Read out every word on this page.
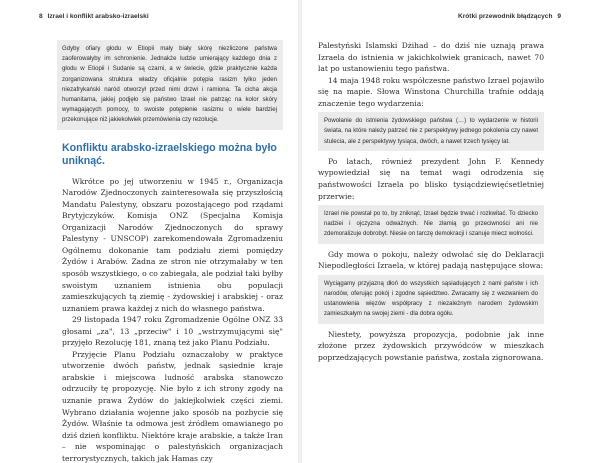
8 Izrael i konflikt arabsko-izraelski
Gdyby ofiary głodu w Etiopii mały biały skórę niezliczone państwa zaoferowałyby im schronienie. Jednakże ludzie umierający każdego dnia z głodu w Etiopii i Sudanie są czarni, a w świecie, gdzie praktycznie każda zorganizowana struktura władzy oficjalnie potępia rasizm tylko jeden niezafrykański naród otworzył przed nimi drzwi i ramiona. Ta cicha akcja humanitarna, jakiej podjęło się państwo Izrael nie patrząc na kolor skóry wymagających pomocy, to swoiste potępienie rasizmu o wiele bardziej przekonujące niż jakiekolwiek przemówienia czy rezolucje.
Konfliktu arabsko-izraelskiego można było uniknąć.

Wkrótce po jej utworzeniu w 1945 r., Organizacja Narodów Zjednoczonych zainteresowała się przyszłością Mandatu Palestyny, obszaru pozostającego pod rządami Brytyjczyków. Komisja ONZ (Specjalna Komisja Organizacji Narodów Zjednoczonych do sprawy Palestyny - UNSCOP) zarekomendowała Zgromadzeniu Ogólnemu dokonanie tam podziału ziemi pomiędzy Żydów i Arabów. Zadna ze stron nie otrzymałaby w ten sposób wszystkiego, o co zabiegała, ale podział taki byłby swoistym uznaniem istnienia obu populacji zamieszkujących tą ziemię - żydowskiej i arabskiej - oraz uznaniem prawa każdej z nich do własnego państwa.

29 listopada 1947 roku Zgromadzenie Ogólne ONZ 33 głosami „za", 13 „przeciw" i 10 „wstrzymującymi się" przyjęło Rezolucję 181, znaną też jako Planu Podziału.

Przyjęcie Planu Podziału oznaczałoby w praktyce utworzenie dwóch państw, jednak sąsiednie kraje arabskie i miejscowa ludność arabska stanowczo odrzuciły tę propozycję. Nie było z ich strony zgody na uznanie prawa Żydów do jakiejkolwiek części ziemi. Wybrano działania wojenne jako sposób na pozbycie się Żydów. Właśnie ta odmowa jest źródłem omawianego po dziś dzień konfliktu. Niektóre kraje arabskie, a także Iran – nie wspominając o palestyńskich organizacjach terrorystycznych, takich jak Hamas czy

Krótki przewodnik błądzących 9

Palestyński Islamski Dżihad – do dziś nie uznają prawa Izraela do istnienia w jakichkolwiek granicach, nawet 70 lat po ustanowieniu tego państwa.

14 maja 1948 roku współczesne państwo Izrael pojawiło się na mapie. Słowa Winstona Churchilla trafnie oddają znaczenie tego wydarzenia:

Powołanie do istnienia żydowskiego państwa (…) to wydarzenie w historii świata, na które należy patrzeć nie z perspektywy jednego pokolenia czy nawet stulecia, ale z perspektywy tysiąca, dwóch, a nawet trzech tysięcy lat.

Po latach, również prezydent John F. Kennedy wypowiedział się na temat wagi odrodzenia się państwowości Izraela po blisko tysiącdziewięćsetletniej przerwie:

Izrael nie powstał po to, by zniknąć, Izrael będzie trwać i rozkwitać. To dziecko nadziei i ojczyzna odważnych. Nie złamią go przeciwności ani nie zdemoralizuje dobrobyt. Niesie on tarczę demokracji i szanuje miecz wolności.

Gdy mowa o pokoju, należy odwołać się do Deklaracji Niepodległości Izraela, w której padają następujące słowa:

Wyciągamy przyjazną dłoń do wszystkich sąsiadujących z nami państw i ich narodów, oferując pokój i zgodne sąsiedztwo. Zwracamy się z wezwaniem do ustanowienia więzów współpracy z niezależnym narodem żydowskim zamieszkałym na swojej ziemi - dla dobra ogółu.

Niestety, powyższa propozycja, podobnie jak inne złożone przez żydowskich przywódców w mieszkach poprzedzających powstanie państwa, została zignorowana.
